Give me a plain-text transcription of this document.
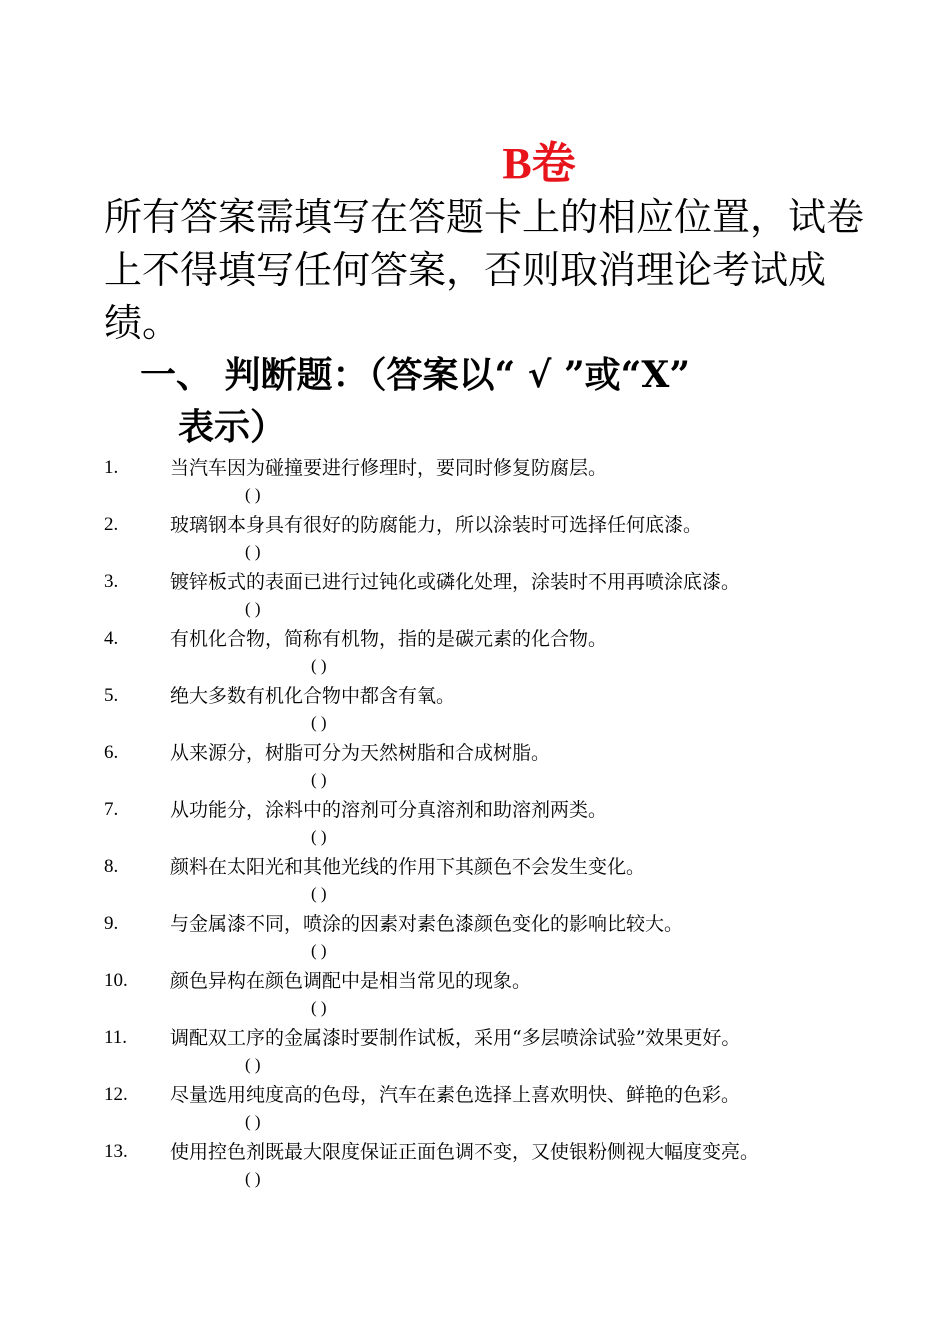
B卷
所有答案需填写在答题卡上的相应位置，试卷上不得填写任何答案，否则取消理论考试成绩。
一、 判断题：（答案以“ √ ”或“X”
表示）
1.	当汽车因为碰撞要进行修理时，要同时修复防腐层。
( )
2.	玻璃钢本身具有很好的防腐能力，所以涂装时可选择任何底漆。
( )
3.	镀锌板式的表面已进行过钝化或磷化处理，涂装时不用再喷涂底漆。
( )
4.	有机化合物，简称有机物，指的是碳元素的化合物。
( )
5.	绝大多数有机化合物中都含有氧。
( )
6.	从来源分，树脂可分为天然树脂和合成树脂。
( )
7.	从功能分，涂料中的溶剂可分真溶剂和助溶剂两类。
( )
8.	颜料在太阳光和其他光线的作用下其颜色不会发生变化。
( )
9.	与金属漆不同，喷涂的因素对素色漆颜色变化的影响比较大。
( )
10. 颜色异构在颜色调配中是相当常见的现象。
( )
11. 调配双工序的金属漆时要制作试板，采用“多层喷涂试验”效果更好。
( )
12. 尽量选用纯度高的色母，汽车在素色选择上喜欢明快、鲜艳的色彩。
( )
13. 使用控色剂既最大限度保证正面色调不变，又使银粉侧视大幅度变亮。
( )
